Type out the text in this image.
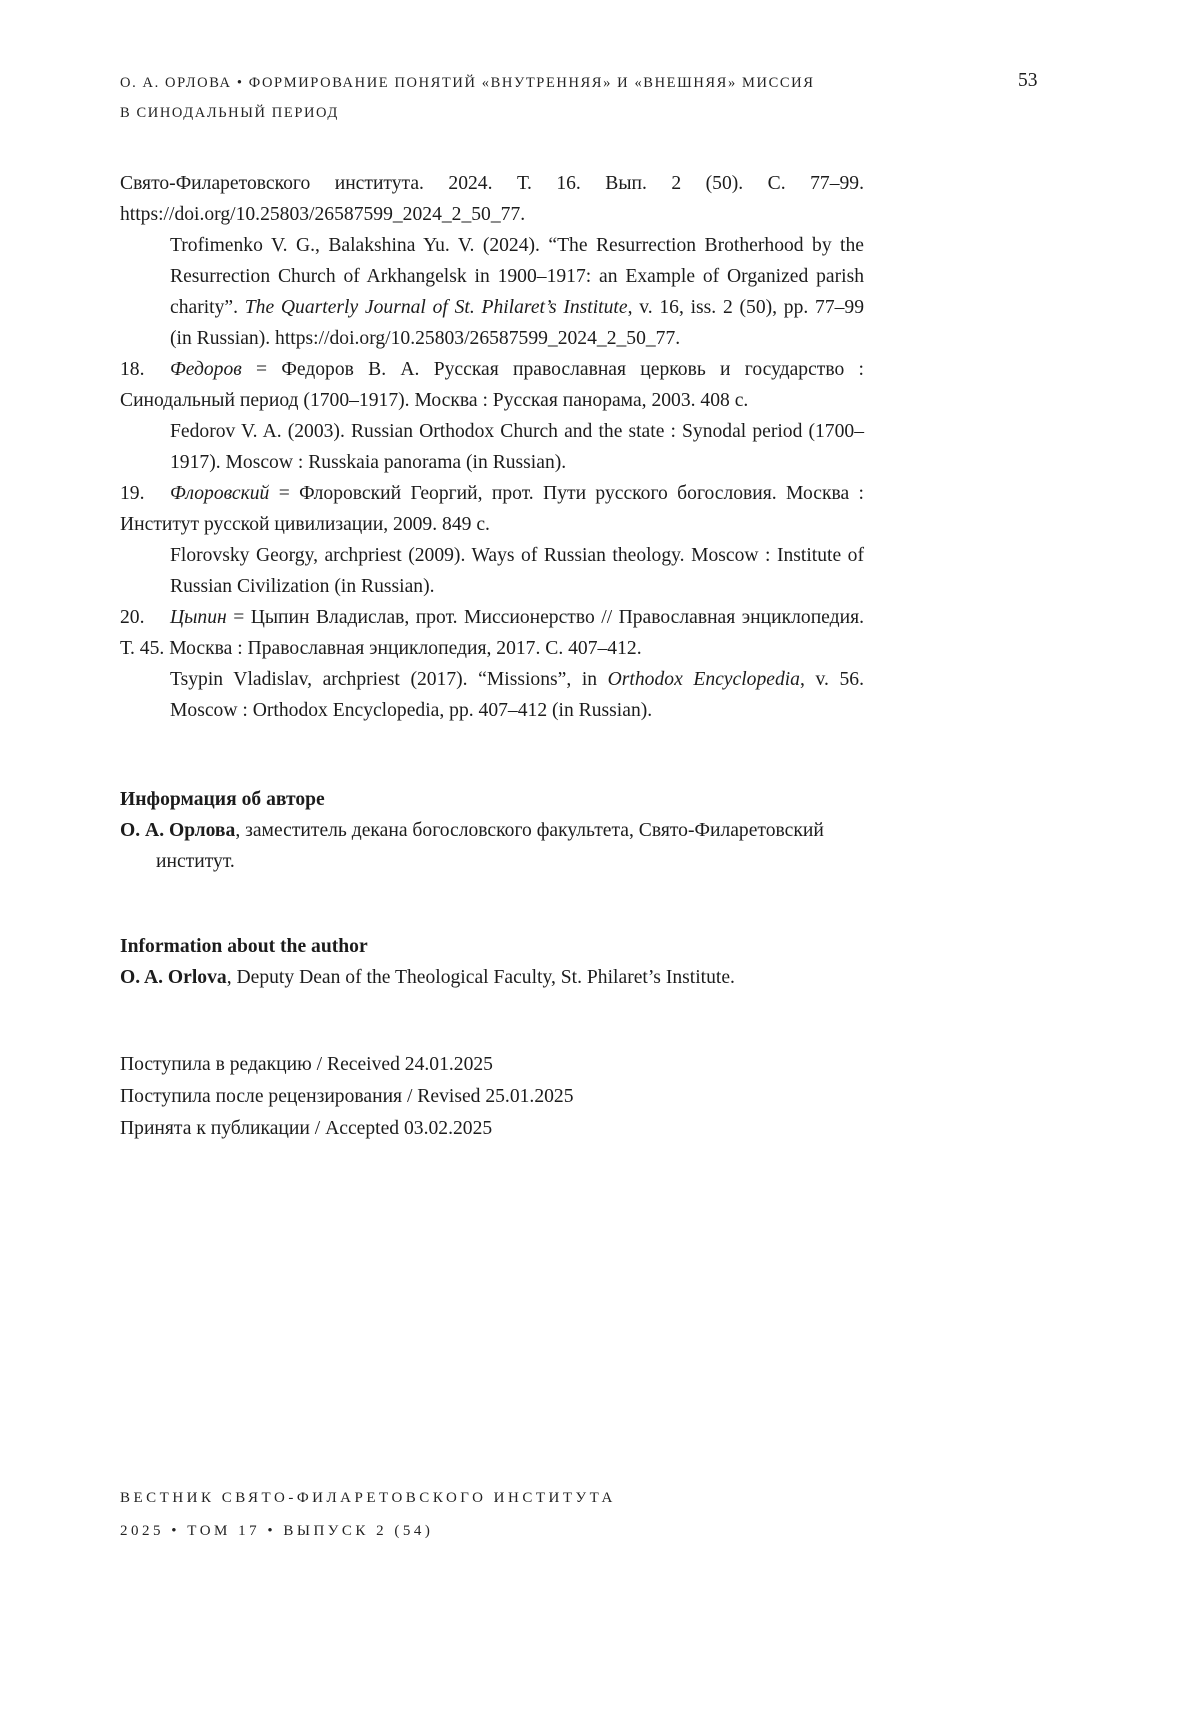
О. А. ОРЛОВА • ФОРМИРОВАНИЕ ПОНЯТИЙ «ВНУТРЕННЯЯ» И «ВНЕШНЯЯ» МИССИЯ
В СИНОДАЛЬНЫЙ ПЕРИОД
53

Свято-Филаретовского института. 2024. Т. 16. Вып. 2 (50). С. 77–99. https://doi.org/10.25803/26587599_2024_2_50_77.

Trofimenko V. G., Balakshina Yu. V. (2024). “The Resurrection Brotherhood by the Resurrection Church of Arkhangelsk in 1900–1917: an Example of Organized parish charity”. The Quarterly Journal of St. Philaret’s Institute, v. 16, iss. 2 (50), pp. 77–99 (in Russian). https://doi.org/10.25803/26587599_2024_2_50_77.

18. Федоров = Федоров В. А. Русская православная церковь и государство : Синодальный период (1700–1917). Москва : Русская панорама, 2003. 408 с.

Fedorov V. A. (2003). Russian Orthodox Church and the state : Synodal period (1700–1917). Moscow : Russkaia panorama (in Russian).

19. Флоровский = Флоровский Георгий, прот. Пути русского богословия. Москва : Институт русской цивилизации, 2009. 849 с.

Florovsky Georgy, archpriest (2009). Ways of Russian theology. Moscow : Institute of Russian Civilization (in Russian).

20. Цыпин = Цыпин Владислав, прот. Миссионерство // Православная энциклопедия. Т. 45. Москва : Православная энциклопедия, 2017. С. 407–412.

Tsypin Vladislav, archpriest (2017). “Missions”, in Orthodox Encyclopedia, v. 56. Moscow : Orthodox Encyclopedia, pp. 407–412 (in Russian).

Информация об авторе

О. А. Орлова, заместитель декана богословского факультета, Свято-Филаретовский институт.

Information about the author

O. A. Orlova, Deputy Dean of the Theological Faculty, St. Philaret’s Institute.

Поступила в редакцию / Received 24.01.2025

Поступила после рецензирования / Revised 25.01.2025

Принята к публикации / Accepted 03.02.2025

ВЕСТНИК СВЯТО-ФИЛАРЕТОВСКОГО ИНСТИТУТА
2025 • ТОМ 17 • ВЫПУСК 2 (54)
